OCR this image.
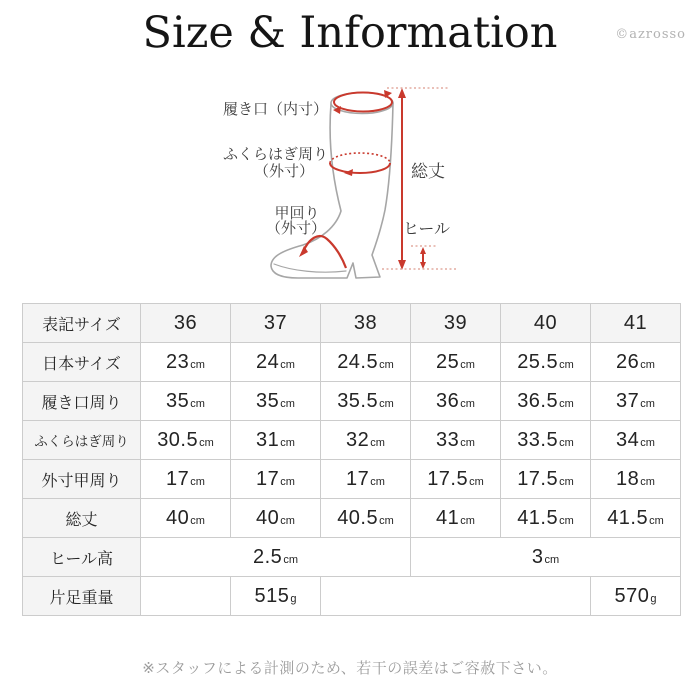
Size & Information	©azrosso
履き口（内寸）
ふくらはぎ周り
（外寸）
甲回り
（外寸）
総丈
ヒール
表記サイズ	36	37	38	39	40	41
日本サイズ	23cm	24cm	24.5cm	25cm	25.5cm	26cm
履き口周り	35cm	35cm	35.5cm	36cm	36.5cm	37cm
ふくらはぎ周り	30.5cm	31cm	32cm	33cm	33.5cm	34cm
外寸甲周り	17cm	17cm	17cm	17.5cm	17.5cm	18cm
総丈	40cm	40cm	40.5cm	41cm	41.5cm	41.5cm
ヒール高	2.5cm			3cm		
片足重量		515g				570g
※スタッフによる計測のため、若干の誤差はご容赦下さい。
